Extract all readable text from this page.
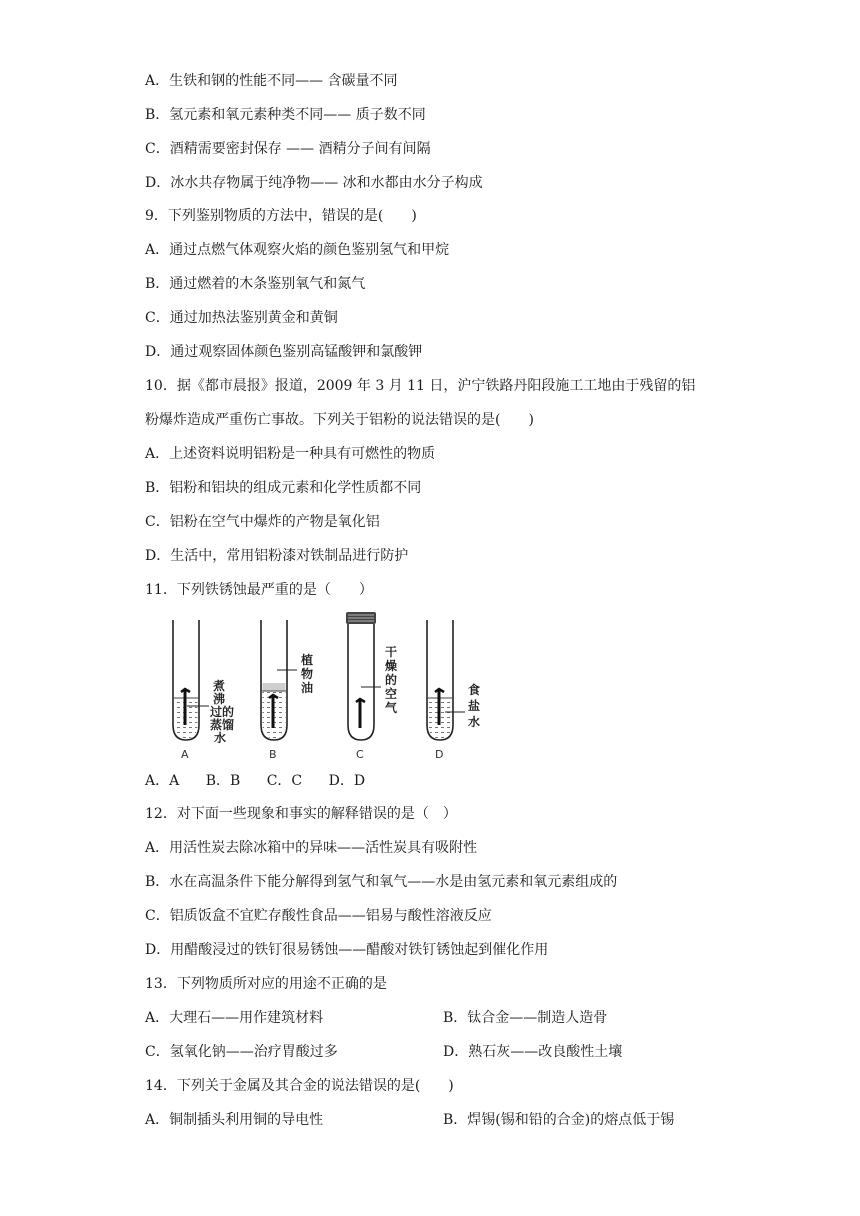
A．生铁和钢的性能不同—— 含碳量不同
B．氢元素和氧元素种类不同—— 质子数不同
C．酒精需要密封保存 —— 酒精分子间有间隔
D．冰水共存物属于纯净物—— 冰和水都由水分子构成
9．下列鉴别物质的方法中，错误的是(　　)
A．通过点燃气体观察火焰的颜色鉴别氢气和甲烷
B．通过燃着的木条鉴别氧气和氮气
C．通过加热法鉴别黄金和黄铜
D．通过观察固体颜色鉴别高锰酸钾和氯酸钾
10．据《都市晨报》报道，2009 年 3 月 11 日，沪宁铁路丹阳段施工工地由于残留的铝
粉爆炸造成严重伤亡事故。下列关于铝粉的说法错误的是(　　)
A．上述资料说明铝粉是一种具有可燃性的物质
B．铝粉和铝块的组成元素和化学性质都不同
C．铝粉在空气中爆炸的产物是氧化铝
D．生活中，常用铝粉漆对铁制品进行防护
11．下列铁锈蚀最严重的是（　　）
煮
沸
过的
蒸馏
水
A
植
物
油
B
干
燥
的
空
气
C
食
盐
水
D
A．A B．B C．C D．D
12．对下面一些现象和事实的解释错误的是（　）
A．用活性炭去除冰箱中的异味——活性炭具有吸附性
B．水在高温条件下能分解得到氢气和氧气——水是由氢元素和氧元素组成的
C．铝质饭盒不宜贮存酸性食品——铝易与酸性溶液反应
D．用醋酸浸过的铁钉很易锈蚀——醋酸对铁钉锈蚀起到催化作用
13．下列物质所对应的用途不正确的是
A．大理石——用作建筑材料	B．钛合金——制造人造骨
C．氢氧化钠——治疗胃酸过多	D．熟石灰——改良酸性土壤
14．下列关于金属及其合金的说法错误的是(　　)
A．铜制插头利用铜的导电性	B．焊锡(锡和铅的合金)的熔点低于锡
